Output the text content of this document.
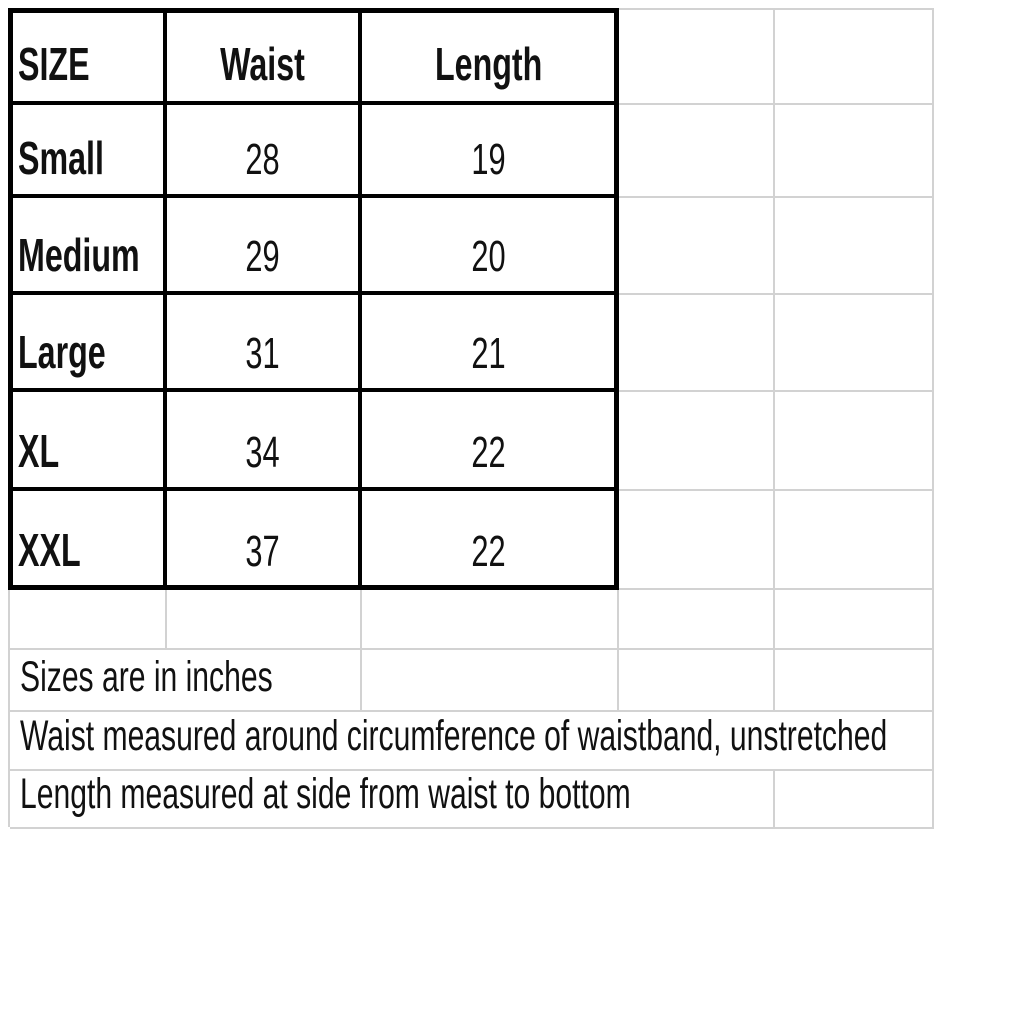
SIZE	Waist	Length
Small	28	19
Medium 29	20
Large	31	21
XL	34	22
XXL	37	22
Sizes are in inches
Waist measured around circumference of waistband, unstretched
Length measured at side from waist to bottom
